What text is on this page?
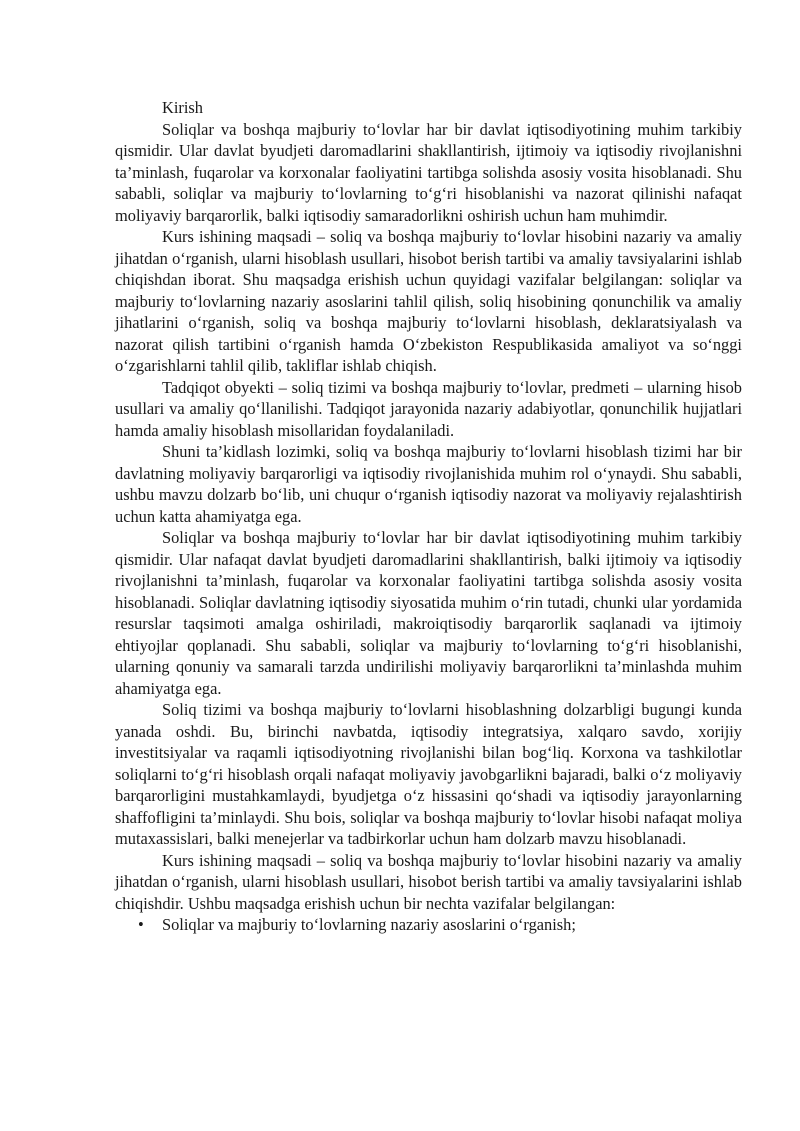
Kirish

Soliqlar va boshqa majburiy to‘lovlar har bir davlat iqtisodiyotining muhim tarkibiy qismidir. Ular davlat byudjeti daromadlarini shakllantirish, ijtimoiy va iqtisodiy rivojlanishni ta’minlash, fuqarolar va korxonalar faoliyatini tartibga solishda asosiy vosita hisoblanadi. Shu sababli, soliqlar va majburiy to‘lovlarning to‘g‘ri hisoblanishi va nazorat qilinishi nafaqat moliyaviy barqarorlik, balki iqtisodiy samaradorlikni oshirish uchun ham muhimdir.

Kurs ishining maqsadi – soliq va boshqa majburiy to‘lovlar hisobini nazariy va amaliy jihatdan o‘rganish, ularni hisoblash usullari, hisobot berish tartibi va amaliy tavsiyalarini ishlab chiqishdan iborat. Shu maqsadga erishish uchun quyidagi vazifalar belgilangan: soliqlar va majburiy to‘lovlarning nazariy asoslarini tahlil qilish, soliq hisobining qonunchilik va amaliy jihatlarini o‘rganish, soliq va boshqa majburiy to‘lovlarni hisoblash, deklaratsiyalash va nazorat qilish tartibini o‘rganish hamda O‘zbekiston Respublikasida amaliyot va so‘nggi o‘zgarishlarni tahlil qilib, takliflar ishlab chiqish.

Tadqiqot obyekti – soliq tizimi va boshqa majburiy to‘lovlar, predmeti – ularning hisob usullari va amaliy qo‘llanilishi. Tadqiqot jarayonida nazariy adabiyotlar, qonunchilik hujjatlari hamda amaliy hisoblash misollaridan foydalaniladi.

Shuni ta’kidlash lozimki, soliq va boshqa majburiy to‘lovlarni hisoblash tizimi har bir davlatning moliyaviy barqarorligi va iqtisodiy rivojlanishida muhim rol o‘ynaydi. Shu sababli, ushbu mavzu dolzarb bo‘lib, uni chuqur o‘rganish iqtisodiy nazorat va moliyaviy rejalashtirish uchun katta ahamiyatga ega.

Soliqlar va boshqa majburiy to‘lovlar har bir davlat iqtisodiyotining muhim tarkibiy qismidir. Ular nafaqat davlat byudjeti daromadlarini shakllantirish, balki ijtimoiy va iqtisodiy rivojlanishni ta’minlash, fuqarolar va korxonalar faoliyatini tartibga solishda asosiy vosita hisoblanadi. Soliqlar davlatning iqtisodiy siyosatida muhim o‘rin tutadi, chunki ular yordamida resurslar taqsimoti amalga oshiriladi, makroiqtisodiy barqarorlik saqlanadi va ijtimoiy ehtiyojlar qoplanadi. Shu sababli, soliqlar va majburiy to‘lovlarning to‘g‘ri hisoblanishi, ularning qonuniy va samarali tarzda undirilishi moliyaviy barqarorlikni ta’minlashda muhim ahamiyatga ega.

Soliq tizimi va boshqa majburiy to‘lovlarni hisoblashning dolzarbligi bugungi kunda yanada oshdi. Bu, birinchi navbatda, iqtisodiy integratsiya, xalqaro savdo, xorijiy investitsiyalar va raqamli iqtisodiyotning rivojlanishi bilan bog‘liq. Korxona va tashkilotlar soliqlarni to‘g‘ri hisoblash orqali nafaqat moliyaviy javobgarlikni bajaradi, balki o‘z moliyaviy barqarorligini mustahkamlaydi, byudjetga o‘z hissasini qo‘shadi va iqtisodiy jarayonlarning shaffofligini ta’minlaydi. Shu bois, soliqlar va boshqa majburiy to‘lovlar hisobi nafaqat moliya mutaxassislari, balki menejerlar va tadbirkorlar uchun ham dolzarb mavzu hisoblanadi.

Kurs ishining maqsadi – soliq va boshqa majburiy to‘lovlar hisobini nazariy va amaliy jihatdan o‘rganish, ularni hisoblash usullari, hisobot berish tartibi va amaliy tavsiyalarini ishlab chiqishdir. Ushbu maqsadga erishish uchun bir nechta vazifalar belgilangan:

• Soliqlar va majburiy to‘lovlarning nazariy asoslarini o‘rganish;
